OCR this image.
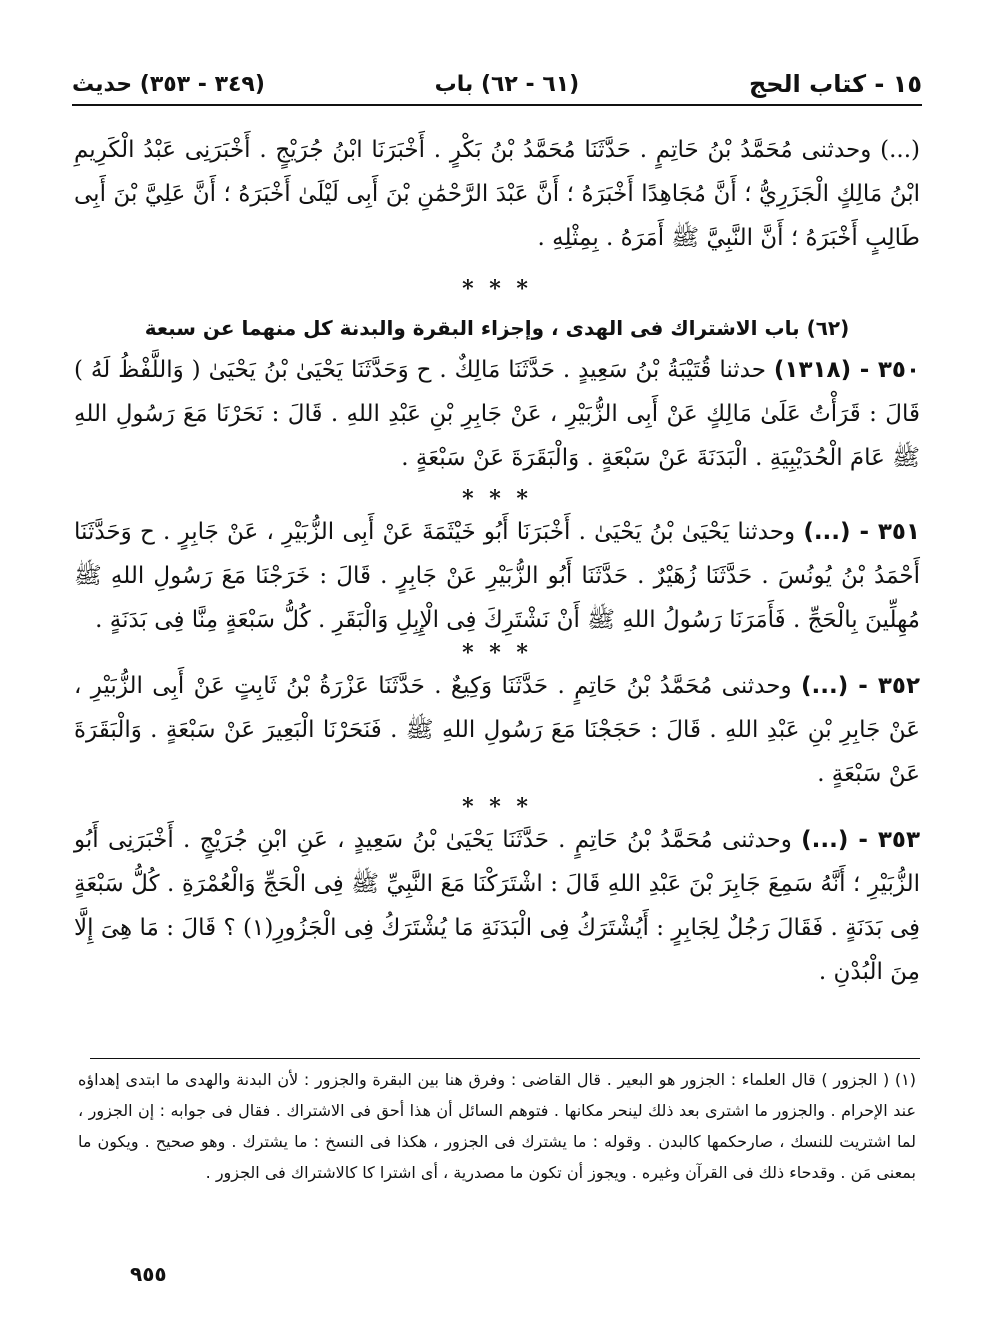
١٥ - كتاب الحج
(٦١ - ٦٢) باب
(٣٤٩ - ٣٥٣) حديث

(...) وحدثنى مُحَمَّدُ بْنُ حَاتِمٍ . حَدَّثَنَا مُحَمَّدُ بْنُ بَكْرٍ . أَخْبَرَنَا ابْنُ جُرَيْجٍ . أَخْبَرَنِى عَبْدُ الْكَرِيمِ ابْنُ مَالِكٍ الْجَزَرِيُّ ؛ أَنَّ مُجَاهِدًا أَخْبَرَهُ ؛ أَنَّ عَبْدَ الرَّحْمَٰنِ بْنَ أَبِى لَيْلَىٰ أَخْبَرَهُ ؛ أَنَّ عَلِيَّ بْنَ أَبِى طَالِبٍ أَخْبَرَهُ ؛ أَنَّ النَّبِيَّ ﷺ أَمَرَهُ . بِمِثْلِهِ .

* * *

(٦٢) باب الاشتراك فى الهدى ، وإجزاء البقرة والبدنة كل منهما عن سبعة

٣٥٠ - (١٣١٨) حدثنا قُتَيْبَةُ بْنُ سَعِيدٍ . حَدَّثَنَا مَالِكٌ . ح وَحَدَّثَنَا يَحْيَىٰ بْنُ يَحْيَىٰ ( وَاللَّفْظُ لَهُ ) قَالَ : قَرَأْتُ عَلَىٰ مَالِكٍ عَنْ أَبِى الزُّبَيْرِ ، عَنْ جَابِرِ بْنِ عَبْدِ اللهِ . قَالَ : نَحَرْنَا مَعَ رَسُولِ اللهِ ﷺ عَامَ الْحُدَيْبِيَةِ . الْبَدَنَةَ عَنْ سَبْعَةٍ . وَالْبَقَرَةَ عَنْ سَبْعَةٍ .

* * *

٣٥١ - (...) وحدثنا يَحْيَىٰ بْنُ يَحْيَىٰ . أَخْبَرَنَا أَبُو خَيْثَمَةَ عَنْ أَبِى الزُّبَيْرِ ، عَنْ جَابِرٍ . ح وَحَدَّثَنَا أَحْمَدُ بْنُ يُونُسَ . حَدَّثَنَا زُهَيْرٌ . حَدَّثَنَا أَبُو الزُّبَيْرِ عَنْ جَابِرٍ . قَالَ : خَرَجْنَا مَعَ رَسُولِ اللهِ ﷺ مُهِلِّينَ بِالْحَجِّ . فَأَمَرَنَا رَسُولُ اللهِ ﷺ أَنْ نَشْتَرِكَ فِى الْإِبِلِ وَالْبَقَرِ . كُلُّ سَبْعَةٍ مِنَّا فِى بَدَنَةٍ .

* * *

٣٥٢ - (...) وحدثنى مُحَمَّدُ بْنُ حَاتِمٍ . حَدَّثَنَا وَكِيعٌ . حَدَّثَنَا عَزْرَةُ بْنُ ثَابِتٍ عَنْ أَبِى الزُّبَيْرِ ، عَنْ جَابِرِ بْنِ عَبْدِ اللهِ . قَالَ : حَجَجْنَا مَعَ رَسُولِ اللهِ ﷺ . فَنَحَرْنَا الْبَعِيرَ عَنْ سَبْعَةٍ . وَالْبَقَرَةَ عَنْ سَبْعَةٍ .

* * *

٣٥٣ - (...) وحدثنى مُحَمَّدُ بْنُ حَاتِمٍ . حَدَّثَنَا يَحْيَىٰ بْنُ سَعِيدٍ ، عَنِ ابْنِ جُرَيْجٍ . أَخْبَرَنِى أَبُو الزُّبَيْرِ ؛ أَنَّهُ سَمِعَ جَابِرَ بْنَ عَبْدِ اللهِ قَالَ : اشْتَرَكْنَا مَعَ النَّبِيِّ ﷺ فِى الْحَجِّ وَالْعُمْرَةِ . كُلُّ سَبْعَةٍ فِى بَدَنَةٍ . فَقَالَ رَجُلٌ لِجَابِرٍ : أَيُشْتَرَكُ فِى الْبَدَنَةِ مَا يُشْتَرَكُ فِى الْجَزُورِ(١) ؟ قَالَ : مَا هِىَ إِلَّا مِنَ الْبُدْنِ .

(١) ( الجزور ) قال العلماء : الجزور هو البعير . قال القاضى : وفرق هنا بين البقرة والجزور : لأن البدنة والهدى ما ابتدى إهداؤه عند الإحرام . والجزور ما اشترى بعد ذلك لينحر مكانها . فتوهم السائل أن هذا أحق فى الاشتراك . فقال فى جوابه : إن الجزور ، لما اشتريت للنسك ، صارحكمها كالبدن . وقوله : ما يشترك فى الجزور ، هكذا فى النسخ : ما يشترك . وهو صحيح . ويكون ما بمعنى مَن . وقدحاء ذلك فى القرآن وغيره . ويجوز أن تكون ما مصدرية ، أى اشترا كا كالاشتراك فى الجزور .

٩٥٥
